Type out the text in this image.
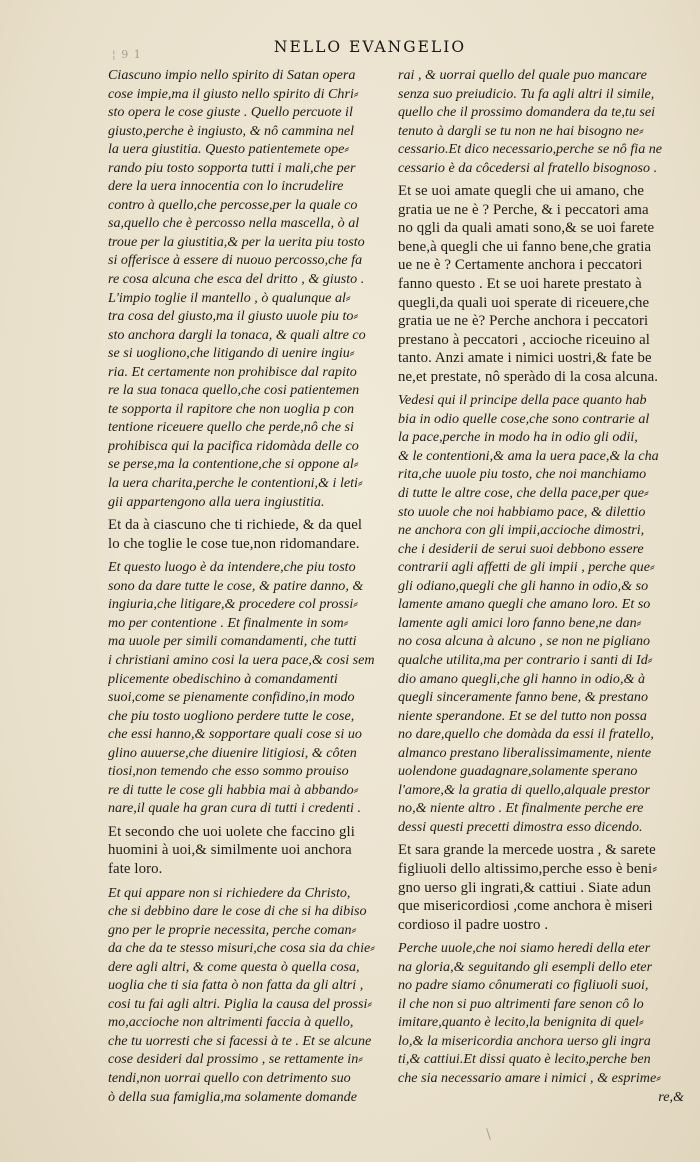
¦ 9 1	NELLO EVANGELIO
Ciascuno impio nello spirito di Satan opera
cose impie,ma il giusto nello spirito di Chri⸗
sto opera le cose giuste . Quello percuote il
giusto,perche è ingiusto, & nô cammina nel
la uera giustitia. Questo patientemete ope⸗
rando piu tosto sopporta tutti i mali,che per
dere la uera innocentia con lo incrudelire
contro à quello,che percosse,per la quale co
sa,quello che è percosso nella mascella, ò al
troue per la giustitia,& per la uerita piu tosto
si offerisce à essere di nuouo percosso,che fa
re cosa alcuna che esca del dritto , & giusto .
L'impio toglie il mantello , ò qualunque al⸗
tra cosa del giusto,ma il giusto uuole piu to⸗
sto anchora dargli la tonaca, & quali altre co
se si uogliono,che litigando di uenire ingiu⸗
ria. Et certamente non prohibisce dal rapito
re la sua tonaca quello,che cosi patientemen
te sopporta il rapitore che non uoglia p con
tentione riceuere quello che perde,nô che si
prohibisca qui la pacifica ridomàda delle co
se perse,ma la contentione,che si oppone al⸗
la uera charita,perche le contentioni,& i leti⸗
gii appartengono alla uera ingiustitia.
Et da à ciascuno che ti richiede, & da quel
lo che toglie le cose tue,non ridomandare.
Et questo luogo è da intendere,che piu tosto
sono da dare tutte le cose, & patire danno, &
ingiuria,che litigare,& procedere col prossi⸗
mo per contentione . Et finalmente in som⸗
ma uuole per simili comandamenti, che tutti
i christiani amino cosi la uera pace,& cosi sem
plicemente obedischino à comandamenti
suoi,come se pienamente confidino,in modo
che piu tosto uogliono perdere tutte le cose,
che essi hanno,& sopportare quali cose si uo
glino auuerse,che diuenire litigiosi, & côten
tiosi,non temendo che esso sommo prouiso
re di tutte le cose gli habbia mai à abbando⸗
nare,il quale ha gran cura di tutti i credenti .
Et secondo che uoi uolete che faccino gli
huomini à uoi,& similmente uoi anchora
fate loro.
Et qui appare non si richiedere da Christo,
che si debbino dare le cose di che si ha dibiso
gno per le proprie necessita, perche coman⸗
da che da te stesso misuri,che cosa sia da chie⸗
dere agli altri, & come questa ò quella cosa,
uoglia che ti sia fatta ò non fatta da gli altri ,
cosi tu fai agli altri. Piglia la causa del prossi⸗
mo,accioche non altrimenti faccia à quello,
che tu uorresti che si facessi à te . Et se alcune
cose desideri dal prossimo , se rettamente in⸗
tendi,non uorrai quello con detrimento suo
ò della sua famiglia,ma solamente domande
rai , & uorrai quello del quale puo mancare
senza suo preiudicio. Tu fa agli altri il simile,
quello che il prossimo domandera da te,tu sei
tenuto à dargli se tu non ne hai bisogno ne⸗
cessario.Et dico necessario,perche se nô fia ne
cessario è da côcedersi al fratello bisognoso .
Et se uoi amate quegli che ui amano, che
gratia ue ne è ? Perche, & i peccatori ama
no qgli da quali amati sono,& se uoi farete
bene,à quegli che ui fanno bene,che gratia
ue ne è ? Certamente anchora i peccatori
fanno questo . Et se uoi harete prestato à
quegli,da quali uoi sperate di riceuere,che
gratia ue ne è? Perche anchora i peccatori
prestano à peccatori , accioche riceuino al
tanto. Anzi amate i nimici uostri,& fate be
ne,et prestate, nô speràdo di la cosa alcuna.
Vedesi qui il principe della pace quanto hab
bia in odio quelle cose,che sono contrarie al
la pace,perche in modo ha in odio gli odii,
& le contentioni,& ama la uera pace,& la cha
rita,che uuole piu tosto, che noi manchiamo
di tutte le altre cose, che della pace,per que⸗
sto uuole che noi habbiamo pace, & dilettio
ne anchora con gli impii,accioche dimostri,
che i desiderii de serui suoi debbono essere
contrarii agli affetti de gli impii , perche que⸗
gli odiano,quegli che gli hanno in odio,& so
lamente amano quegli che amano loro. Et so
lamente agli amici loro fanno bene,ne dan⸗
no cosa alcuna à alcuno , se non ne pigliano
qualche utilita,ma per contrario i santi di Id⸗
dio amano quegli,che gli hanno in odio,& à
quegli sinceramente fanno bene, & prestano
niente sperandone. Et se del tutto non possa
no dare,quello che domàda da essi il fratello,
almanco prestano liberalissimamente, niente
uolendone guadagnare,solamente sperano
l'amore,& la gratia di quello,alquale prestor
no,& niente altro . Et finalmente perche ere
dessi questi precetti dimostra esso dicendo.
Et sara grande la mercede uostra , & sarete
figliuoli dello altissimo,perche esso è beni⸗
gno uerso gli ingrati,& cattiui . Siate adun
que misericordiosi ,come anchora è miseri
cordioso il padre uostro .
Perche uuole,che noi siamo heredi della eter
na gloria,& seguitando gli esempli dello eter
no padre siamo cônumerati co figliuoli suoi,
il che non si puo altrimenti fare senon cô lo
imitare,quanto è lecito,la benignita di quel⸗
lo,& la misericordia anchora uerso gli ingra
ti,& cattiui.Et dissi quato è lecito,perche ben
che sia necessario amare i nimici , & esprime⸗
re,&
